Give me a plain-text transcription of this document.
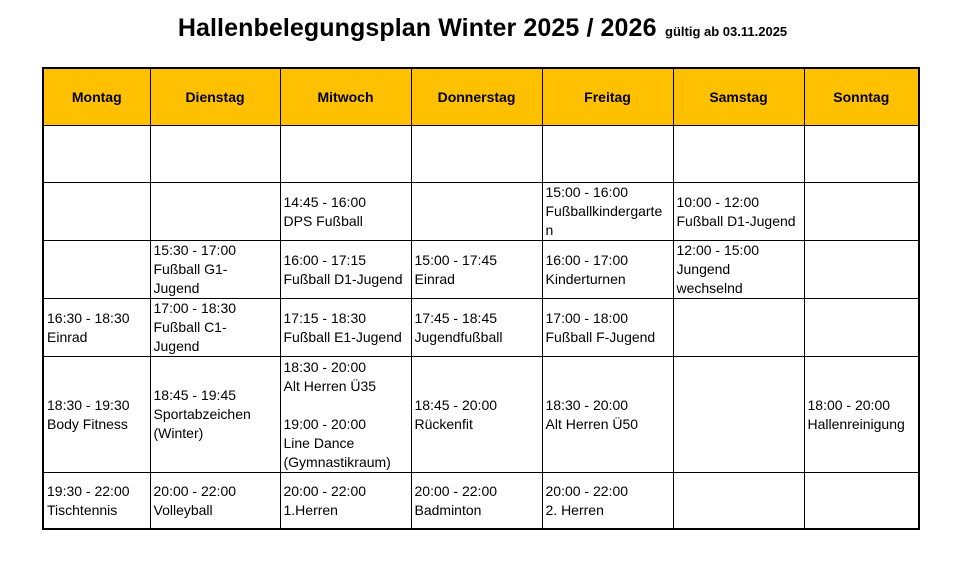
Hallenbelegungsplan Winter 2025 / 2026 gültig ab 03.11.2025
Montag	Dienstag	Mitwoch	Donnerstag	Freitag	Samstag	Sonntag

		14:45 - 16:00
DPS Fußball		15:00 - 16:00
Fußballkindergarte
n	10:00 - 12:00
Fußball D1-Jugend	

	15:30 - 17:00
Fußball G1-
Jugend	16:00 - 17:15
Fußball D1-Jugend	15:00 - 17:45
Einrad	16:00 - 17:00
Kinderturnen	12:00 - 15:00
Jungend
wechselnd	

16:30 - 18:30
Einrad	17:00 - 18:30
Fußball C1-
Jugend	17:15 - 18:30
Fußball E1-Jugend	17:45 - 18:45
Jugendfußball	17:00 - 18:00
Fußball F-Jugend		

18:30 - 19:30
Body Fitness	18:45 - 19:45
Sportabzeichen
(Winter)	18:30 - 20:00
Alt Herren Ü35
19:00 - 20:00
Line Dance
(Gymnastikraum)	18:45 - 20:00
Rückenfit	18:30 - 20:00
Alt Herren Ü50		18:00 - 20:00
Hallenreinigung

19:30 - 22:00
Tischtennis	20:00 - 22:00
Volleyball	20:00 - 22:00
1.Herren	20:00 - 22:00
Badminton	20:00 - 22:00
2. Herren		
